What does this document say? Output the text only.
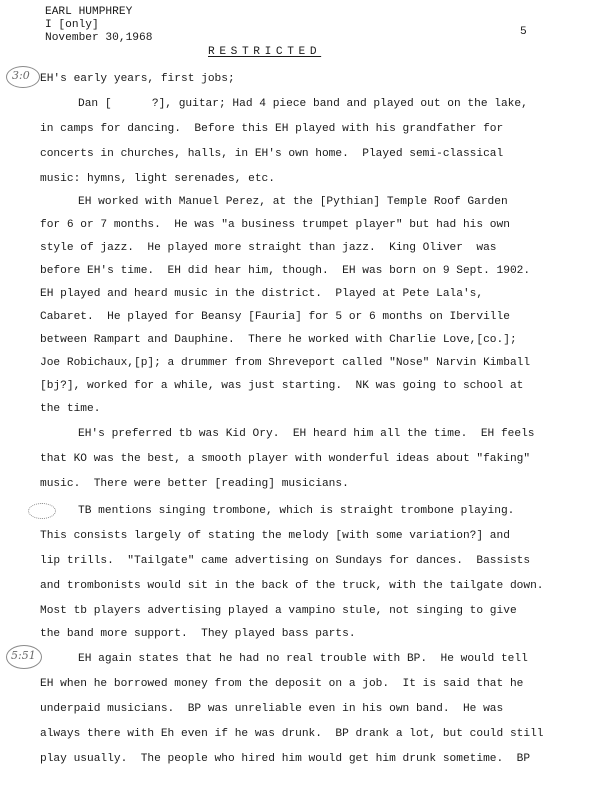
EARL HUMPHREY
I [only]
November 30,1968	5
RESTRICTED
3:0
5:51
EH's early years, first jobs;
Dan [      ?], guitar; Had 4 piece band and played out on the lake,
in camps for dancing.  Before this EH played with his grandfather for
concerts in churches, halls, in EH's own home.  Played semi-classical
music: hymns, light serenades, etc.
EH worked with Manuel Perez, at the [Pythian] Temple Roof Garden
for 6 or 7 months.  He was "a business trumpet player" but had his own
style of jazz.  He played more straight than jazz.  King Oliver  was
before EH's time.  EH did hear him, though.  EH was born on 9 Sept. 1902.
EH played and heard music in the district.  Played at Pete Lala's,
Cabaret.  He played for Beansy [Fauria] for 5 or 6 months on Iberville
between Rampart and Dauphine.  There he worked with Charlie Love,[co.];
Joe Robichaux,[p]; a drummer from Shreveport called "Nose" Narvin Kimball
[bj?], worked for a while, was just starting.  NK was going to school at
the time.
EH's preferred tb was Kid Ory.  EH heard him all the time.  EH feels
that KO was the best, a smooth player with wonderful ideas about "faking"
music.  There were better [reading] musicians.
TB mentions singing trombone, which is straight trombone playing.
This consists largely of stating the melody [with some variation?] and
lip trills.  "Tailgate" came advertising on Sundays for dances.  Bassists
and trombonists would sit in the back of the truck, with the tailgate down.
Most tb players advertising played a vampino stule, not singing to give
the band more support.  They played bass parts.
EH again states that he had no real trouble with BP.  He would tell
EH when he borrowed money from the deposit on a job.  It is said that he
underpaid musicians.  BP was unreliable even in his own band.  He was
always there with Eh even if he was drunk.  BP drank a lot, but could still
play usually.  The people who hired him would get him drunk sometime.  BP
